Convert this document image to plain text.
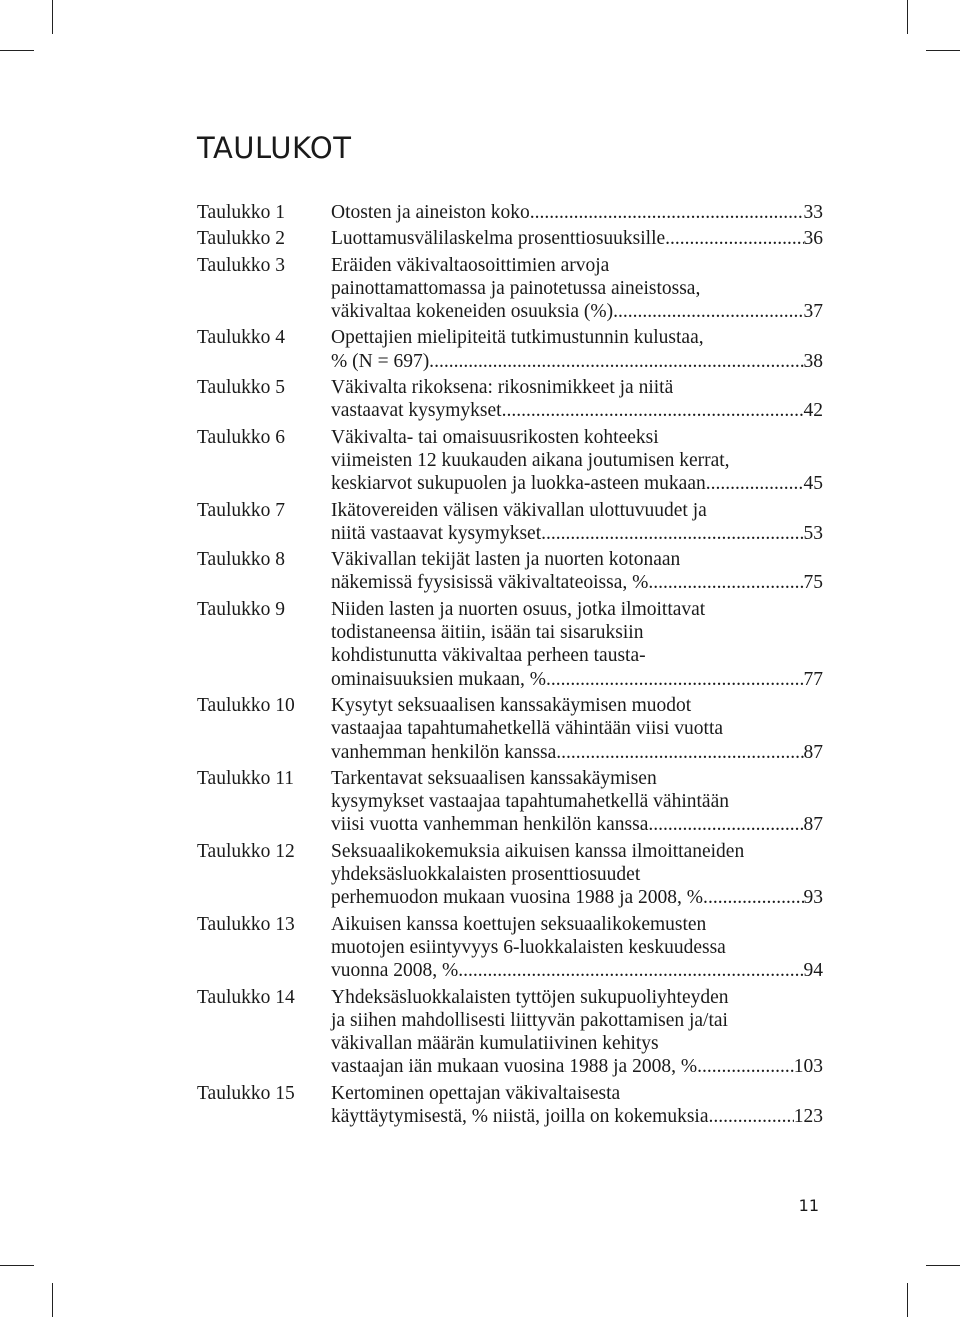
TAULUKOT
Taulukko 1	Otosten ja aineiston koko. .....	33
Taulukko 2	Luottamusvälilaskelma prosenttiosuuksille. .....	36
Taulukko 3	Eräiden väkivaltaosoittimien arvoja
painottamattomassa ja painotetussa aineistossa,
väkivaltaa kokeneiden osuuksia (%). .....	37
Taulukko 4	Opettajien mielipiteitä tutkimustunnin kulustaa,
% (N = 697). .....	38
Taulukko 5	Väkivalta rikoksena: rikosnimikkeet ja niitä
vastaavat kysymykset. .....	42
Taulukko 6	Väkivalta- tai omaisuusrikosten kohteeksi
viimeisten 12 kuukauden aikana joutumisen kerrat,
keskiarvot sukupuolen ja luokka-asteen mukaan. .....	45
Taulukko 7	Ikätovereiden välisen väkivallan ulottuvuudet ja
niitä vastaavat kysymykset. .....	53
Taulukko 8	Väkivallan tekijät lasten ja nuorten kotonaan
näkemissä fyysisissä väkivaltateoissa, %. .....	75
Taulukko 9	Niiden lasten ja nuorten osuus, jotka ilmoittavat
todistaneensa äitiin, isään tai sisaruksiin
kohdistunutta väkivaltaa perheen tausta-
ominaisuuksien mukaan, %. .....	77
Taulukko 10	Kysytyt seksuaalisen kanssakäymisen muodot
vastaajaa tapahtumahetkellä vähintään viisi vuotta
vanhemman henkilön kanssa. .....	87
Taulukko 11	Tarkentavat seksuaalisen kanssakäymisen
kysymykset vastaajaa tapahtumahetkellä vähintään
viisi vuotta vanhemman henkilön kanssa. .....	87
Taulukko 12	Seksuaalikokemuksia aikuisen kanssa ilmoittaneiden
yhdeksäsluokkalaisten prosenttiosuudet
perhemuodon mukaan vuosina 1988 ja 2008, %. .....	93
Taulukko 13	Aikuisen kanssa koettujen seksuaalikokemusten
muotojen esiintyvyys 6-luokkalaisten keskuudessa
vuonna 2008, %. .....	94
Taulukko 14	Yhdeksäsluokkalaisten tyttöjen sukupuoliyhteyden
ja siihen mahdollisesti liittyvän pakottamisen ja/tai
väkivallan määrän kumulatiivinen kehitys
vastaajan iän mukaan vuosina 1988 ja 2008, %. .....	103
Taulukko 15	Kertominen opettajan väkivaltaisesta
käyttäytymisestä, % niistä, joilla on kokemuksia. .....	123
11
